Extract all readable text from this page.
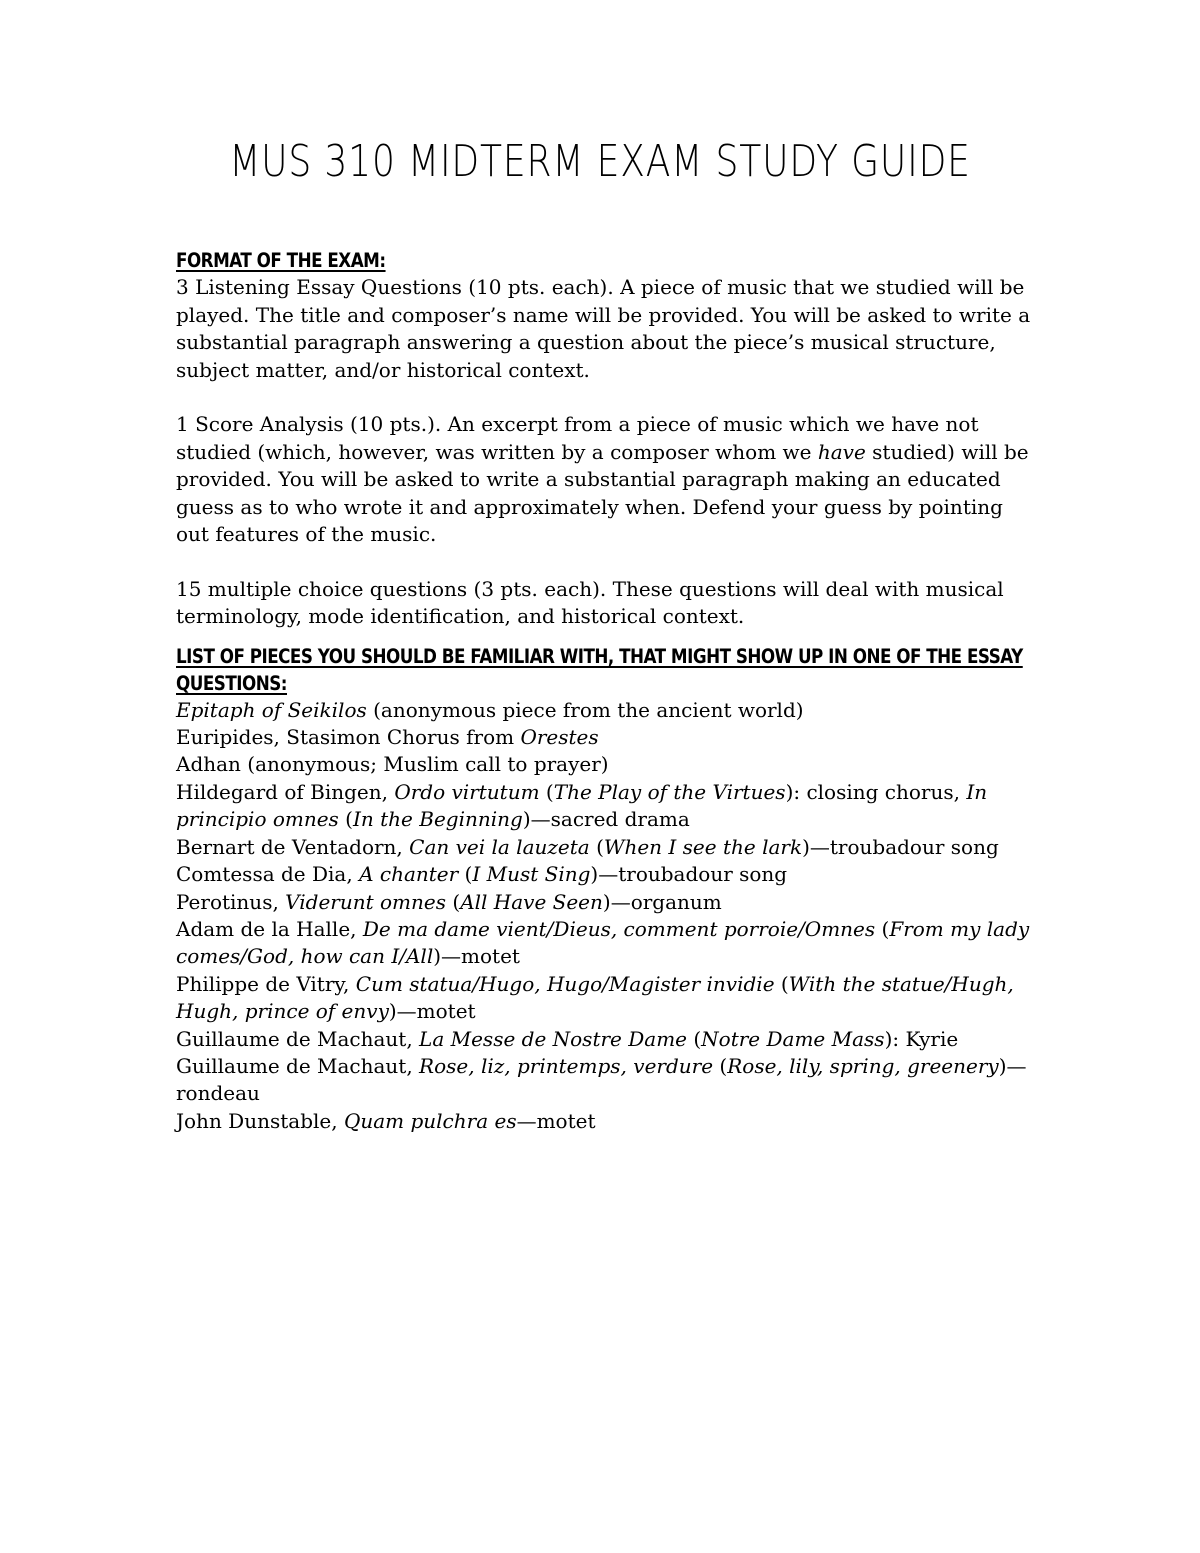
MUS 310 MIDTERM EXAM STUDY GUIDE

FORMAT OF THE EXAM:

3 Listening Essay Questions (10 pts. each). A piece of music that we studied will be
played. The title and composer’s name will be provided. You will be asked to write a
substantial paragraph answering a question about the piece’s musical structure,
subject matter, and/or historical context.
1 Score Analysis (10 pts.). An excerpt from a piece of music which we have not
studied (which, however, was written by a composer whom we have studied) will be
provided. You will be asked to write a substantial paragraph making an educated
guess as to who wrote it and approximately when. Defend your guess by pointing
out features of the music.
15 multiple choice questions (3 pts. each). These questions will deal with musical
terminology, mode identification, and historical context.

LIST OF PIECES YOU SHOULD BE FAMILIAR WITH, THAT MIGHT SHOW UP IN ONE OF THE ESSAY

QUESTIONS:

Epitaph of Seikilos (anonymous piece from the ancient world)
Euripides, Stasimon Chorus from Orestes
Adhan (anonymous; Muslim call to prayer)
Hildegard of Bingen, Ordo virtutum (The Play of the Virtues): closing chorus, In
principio omnes (In the Beginning)—sacred drama
Bernart de Ventadorn, Can vei la lauzeta (When I see the lark)—troubadour song
Comtessa de Dia, A chanter (I Must Sing)—troubadour song
Perotinus, Viderunt omnes (All Have Seen)—organum
Adam de la Halle, De ma dame vient/Dieus, comment porroie/Omnes (From my lady
comes/God, how can I/All)—motet
Philippe de Vitry, Cum statua/Hugo, Hugo/Magister invidie (With the statue/Hugh,
Hugh, prince of envy)—motet
Guillaume de Machaut, La Messe de Nostre Dame (Notre Dame Mass): Kyrie
Guillaume de Machaut, Rose, liz, printemps, verdure (Rose, lily, spring, greenery)—
rondeau
John Dunstable, Quam pulchra es—motet
